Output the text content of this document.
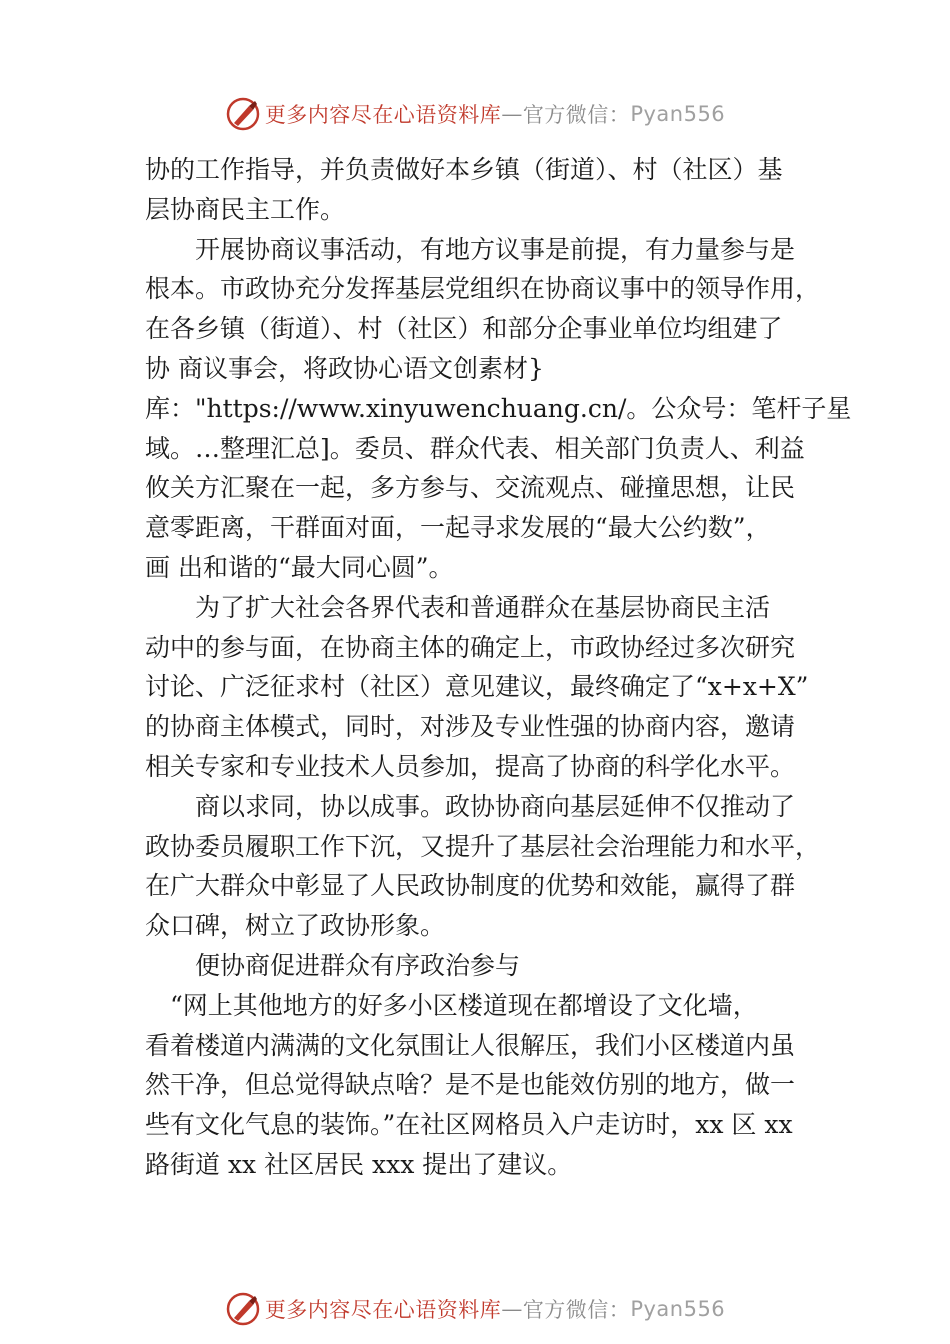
更多内容尽在心语资料库 — 官方微信： Pyan556
协的工作指导，并负责做好本乡镇（街道）、村（社区）基
层协商民主工作。
　　开展协商议事活动，有地方议事是前提，有力量参与是
根本。市政协充分发挥基层党组织在协商议事中的领导作用，
在各乡镇（街道）、村（社区）和部分企事业单位均组建了
协 商议事会，将政协心语文创素材}
库："https://www.xinyuwenchuang.cn/。公众号：笔杆子星
域。…整理汇总]。委员、群众代表、相关部门负责人、利益
攸关方汇聚在一起，多方参与、交流观点、碰撞思想，让民
意零距离，干群面对面，一起寻求发展的“最大公约数”，
画 出和谐的“最大同心圆”。
　　为了扩大社会各界代表和普通群众在基层协商民主活
动中的参与面，在协商主体的确定上，市政协经过多次研究
讨论、广泛征求村（社区）意见建议，最终确定了“x+x+X”
的协商主体模式，同时，对涉及专业性强的协商内容，邀请
相关专家和专业技术人员参加，提高了协商的科学化水平。
　　商以求同，协以成事。政协协商向基层延伸不仅推动了
政协委员履职工作下沉，又提升了基层社会治理能力和水平，
在广大群众中彰显了人民政协制度的优势和效能，赢得了群
众口碑，树立了政协形象。
　　便协商促进群众有序政治参与
　“网上其他地方的好多小区楼道现在都增设了文化墙，
看着楼道内满满的文化氛围让人很解压，我们小区楼道内虽
然干净，但总觉得缺点啥？是不是也能效仿别的地方，做一
些有文化气息的装饰。”在社区网格员入户走访时，xx 区 xx
路街道 xx 社区居民 xxx 提出了建议。
更多内容尽在心语资料库 — 官方微信： Pyan556
